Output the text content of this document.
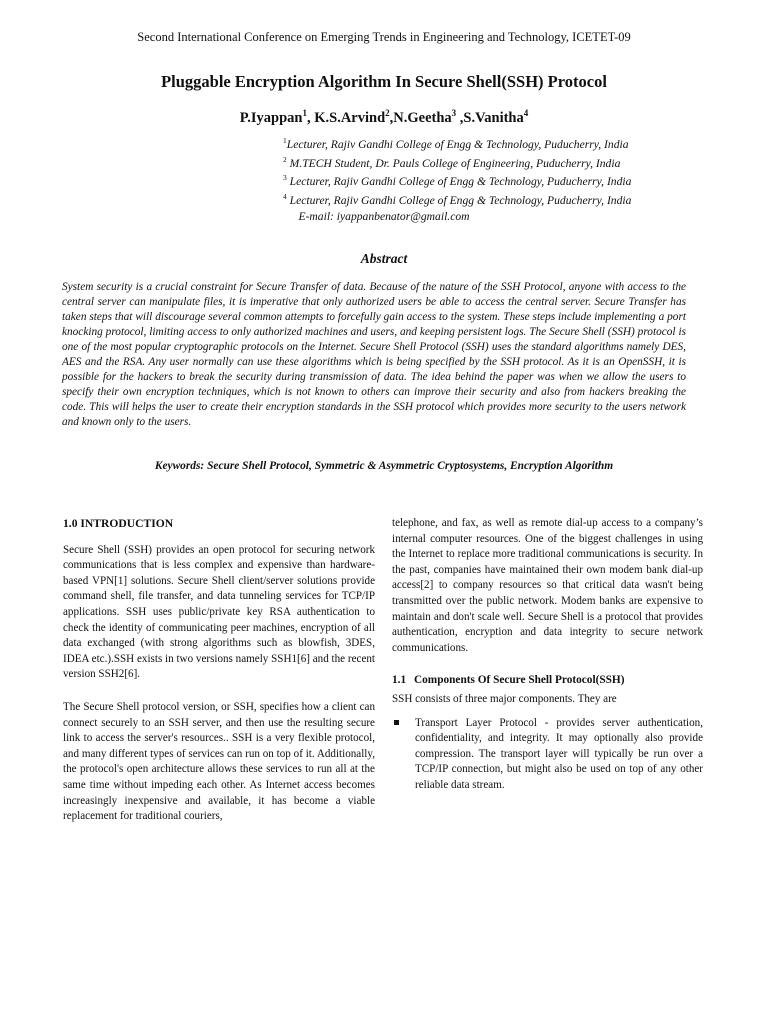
Second International Conference on Emerging Trends in Engineering and Technology, ICETET-09
Pluggable Encryption Algorithm In Secure Shell(SSH) Protocol
P.Iyappan$^1$, K.S.Arvind$^2$,N.Geetha$^3$ ,S.Vanitha$^4$
$^1$Lecturer, Rajiv Gandhi College of Engg & Technology, Puducherry, India
$^2$ M.TECH Student, Dr. Pauls College of Engineering, Puducherry, India
$^3$ Lecturer, Rajiv Gandhi College of Engg & Technology, Puducherry, India
$^4$ Lecturer, Rajiv Gandhi College of Engg & Technology, Puducherry, India
E-mail: iyappanbenator@gmail.com
Abstract
System security is a crucial constraint for Secure Transfer of data. Because of the nature of the SSH Protocol, anyone with access to the central server can manipulate files, it is imperative that only authorized users be able to access the central server. Secure Transfer has taken steps that will discourage several common attempts to forcefully gain access to the system. These steps include implementing a port knocking protocol, limiting access to only authorized machines and users, and keeping persistent logs. The Secure Shell (SSH) protocol is one of the most popular cryptographic protocols on the Internet. Secure Shell Protocol (SSH) uses the standard algorithms namely DES, AES and the RSA. Any user normally can use these algorithms which is being specified by the SSH protocol. As it is an OpenSSH, it is possible for the hackers to break the security during transmission of data. The idea behind the paper was when we allow the users to specify their own encryption techniques, which is not known to others can improve their security and also from hackers breaking the code. This will helps the user to create their encryption standards in the SSH protocol which provides more security to the users network and known only to the users.
Keywords: Secure Shell Protocol, Symmetric & Asymmetric Cryptosystems, Encryption Algorithm
1.0 INTRODUCTION

Secure Shell (SSH) provides an open protocol for securing network communications that is less complex and expensive than hardware-based VPN[1] solutions. Secure Shell client/server solutions provide command shell, file transfer, and data tunneling services for TCP/IP applications. SSH uses public/private key RSA authentication to check the identity of communicating peer machines, encryption of all data exchanged (with strong algorithms such as blowfish, 3DES, IDEA etc.).SSH exists in two versions namely SSH1[6] and the recent version SSH2[6].

The Secure Shell protocol version, or SSH, specifies how a client can connect securely to an SSH server, and then use the resulting secure link to access the server's resources.. SSH is a very flexible protocol, and many different types of services can run on top of it. Additionally, the protocol's open architecture allows these services to run all at the same time without impeding each other. As Internet access becomes increasingly inexpensive and available, it has become a viable replacement for traditional couriers,

telephone, and fax, as well as remote dial-up access to a company’s internal computer resources. One of the biggest challenges in using the Internet to replace more traditional communications is security. In the past, companies have maintained their own modem bank dial-up access[2] to company resources so that critical data wasn't being transmitted over the public network. Modem banks are expensive to maintain and don't scale well. Secure Shell is a protocol that provides authentication, encryption and data integrity to secure network communications.

1.1 Components Of Secure Shell Protocol(SSH)
SSH consists of three major components. They are
Transport Layer Protocol - provides server authentication, confidentiality, and integrity. It may optionally also provide compression. The transport layer will typically be run over a TCP/IP connection, but might also be used on top of any other reliable data stream.
